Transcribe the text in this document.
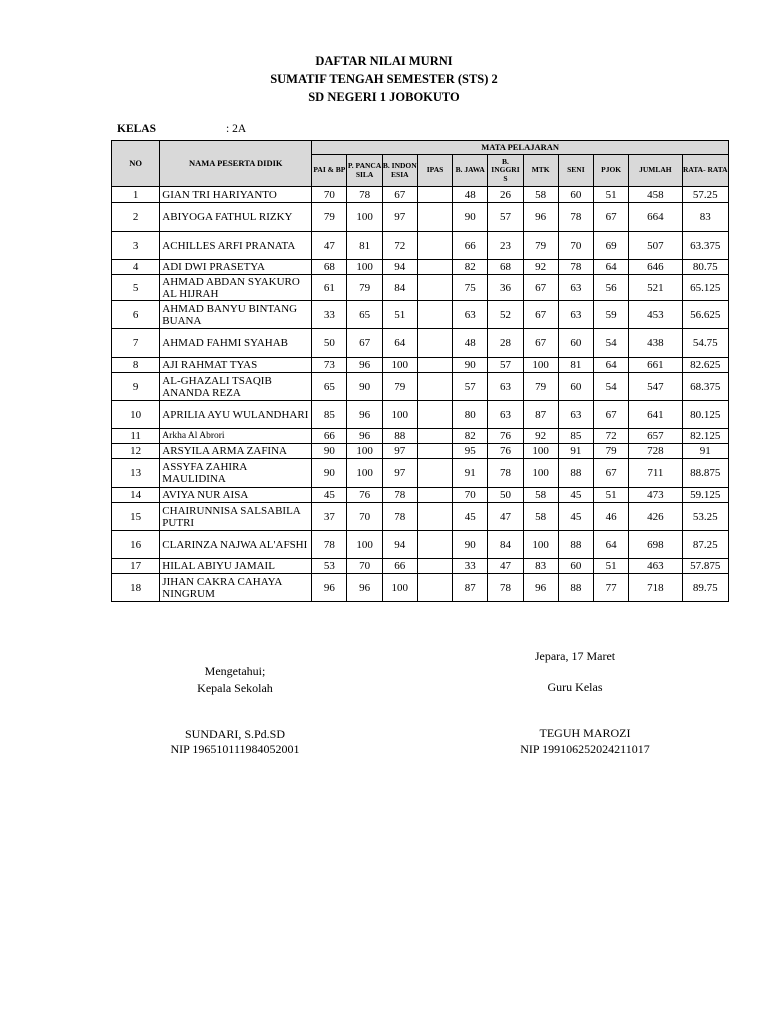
DAFTAR NILAI MURNI
SUMATIF TENGAH SEMESTER (STS) 2
SD NEGERI 1 JOBOKUTO
KELAS	: 2A
NO	NAMA PESERTA DIDIK	MATA PELAJARAN										
		PAI & BP	P. PANCA SILA	B. INDON ESIA	IPAS	B. JAWA	B. INGGRI S	MTK	SENI	PJOK	JUMLAH	RATA- RATA
1	GIAN TRI HARIYANTO	70	78	67		48	26	58	60	51	458	57.25
2	ABIYOGA FATHUL RIZKY	79	100	97		90	57	96	78	67	664	83
3	ACHILLES ARFI PRANATA	47	81	72		66	23	79	70	69	507	63.375
4	ADI DWI PRASETYA	68	100	94		82	68	92	78	64	646	80.75
5	AHMAD ABDAN SYAKURO AL HIJRAH	61	79	84		75	36	67	63	56	521	65.125
6	AHMAD BANYU BINTANG BUANA	33	65	51		63	52	67	63	59	453	56.625
7	AHMAD FAHMI SYAHAB	50	67	64		48	28	67	60	54	438	54.75
8	AJI RAHMAT TYAS	73	96	100		90	57	100	81	64	661	82.625
9	AL-GHAZALI TSAQIB ANANDA REZA	65	90	79		57	63	79	60	54	547	68.375
10	APRILIA AYU WULANDHARI	85	96	100		80	63	87	63	67	641	80.125
11	Arkha Al Abrori	66	96	88		82	76	92	85	72	657	82.125
12	ARSYILA ARMA ZAFINA	90	100	97		95	76	100	91	79	728	91
13	ASSYFA ZAHIRA MAULIDINA	90	100	97		91	78	100	88	67	711	88.875
14	AVIYA NUR AISA	45	76	78		70	50	58	45	51	473	59.125
15	CHAIRUNNISA SALSABILA PUTRI	37	70	78		45	47	58	45	46	426	53.25
16	CLARINZA NAJWA AL'AFSHI	78	100	94		90	84	100	88	64	698	87.25
17	HILAL ABIYU JAMAIL	53	70	66		33	47	83	60	51	463	57.875
18	JIHAN CAKRA CAHAYA NINGRUM	96	96	100		87	78	96	88	77	718	89.75
Mengetahui;
Kepala Sekolah
SUNDARI, S.Pd.SD
NIP 196510111984052001
Jepara, 17 Maret
Guru Kelas
TEGUH MAROZI
NIP 199106252024211017
